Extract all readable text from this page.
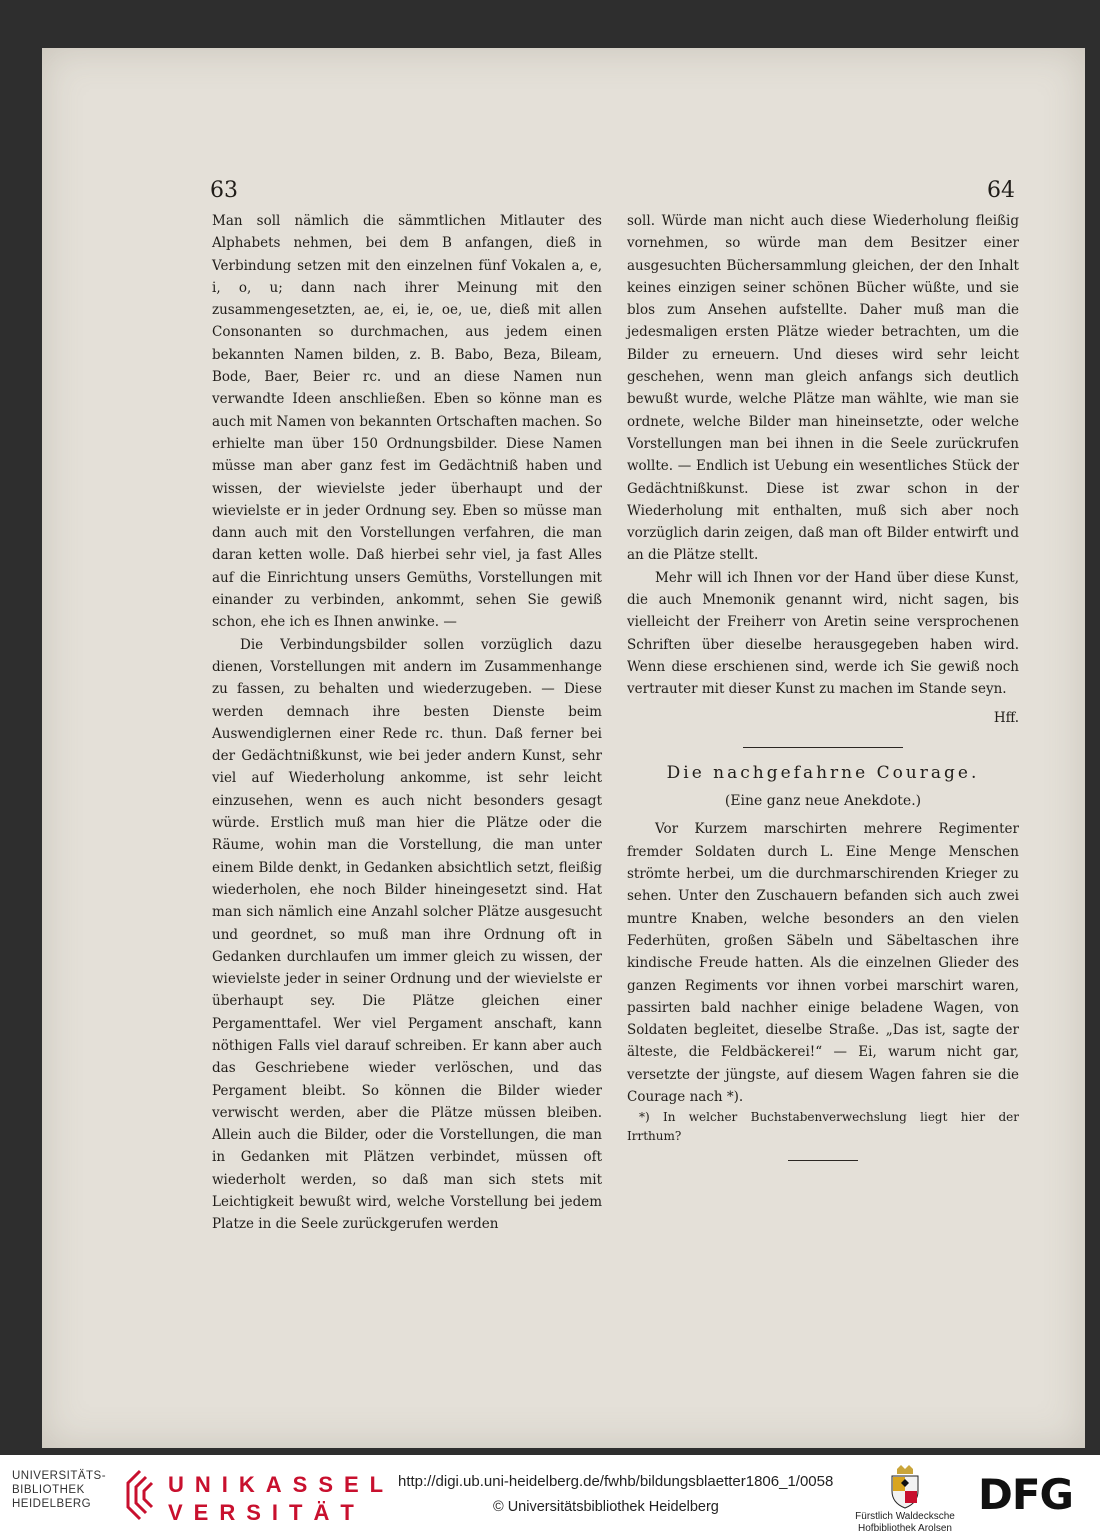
63	64

Man soll nämlich die sämmtlichen Mitlauter des Alphabets nehmen, bei dem B anfangen, dieß in Verbindung setzen mit den einzelnen fünf Vokalen a, e, i, o, u; dann nach ihrer Meinung mit den zusammengesetzten, ae, ei, ie, oe, ue, dieß mit allen Consonanten so durchmachen, aus jedem einen bekannten Namen bilden, z. B. Babo, Beza, Bileam, Bode, Baer, Beier rc. und an diese Namen nun verwandte Ideen anschließen. Eben so könne man es auch mit Namen von bekannten Ortschaften machen. So erhielte man über 150 Ordnungsbilder. Diese Namen müsse man aber ganz fest im Gedächtniß haben und wissen, der wievielste jeder überhaupt und der wievielste er in jeder Ordnung sey. Eben so müsse man dann auch mit den Vorstellungen verfahren, die man daran ketten wolle. Daß hierbei sehr viel, ja fast Alles auf die Einrichtung unsers Gemüths, Vorstellungen mit einander zu verbinden, ankommt, sehen Sie gewiß schon, ehe ich es Ihnen anwinke. —

Die Verbindungsbilder sollen vorzüglich dazu dienen, Vorstellungen mit andern im Zusammenhange zu fassen, zu behalten und wiederzugeben. — Diese werden demnach ihre besten Dienste beim Auswendiglernen einer Rede rc. thun. Daß ferner bei der Gedächtnißkunst, wie bei jeder andern Kunst, sehr viel auf Wiederholung ankomme, ist sehr leicht einzusehen, wenn es auch nicht besonders gesagt würde. Erstlich muß man hier die Plätze oder die Räume, wohin man die Vorstellung, die man unter einem Bilde denkt, in Gedanken absichtlich setzt, fleißig wiederholen, ehe noch Bilder hineingesetzt sind. Hat man sich nämlich eine Anzahl solcher Plätze ausgesucht und geordnet, so muß man ihre Ordnung oft in Gedanken durchlaufen um immer gleich zu wissen, der wievielste jeder in seiner Ordnung und der wievielste er überhaupt sey. Die Plätze gleichen einer Pergamenttafel. Wer viel Pergament anschaft, kann nöthigen Falls viel darauf schreiben. Er kann aber auch das Geschriebene wieder verlöschen, und das Pergament bleibt. So können die Bilder wieder verwischt werden, aber die Plätze müssen bleiben. Allein auch die Bilder, oder die Vorstellungen, die man in Gedanken mit Plätzen verbindet, müssen oft wiederholt werden, so daß man sich stets mit Leichtigkeit bewußt wird, welche Vorstellung bei jedem Platze in die Seele zurückgerufen werden

soll. Würde man nicht auch diese Wiederholung fleißig vornehmen, so würde man dem Besitzer einer ausgesuchten Büchersammlung gleichen, der den Inhalt keines einzigen seiner schönen Bücher wüßte, und sie blos zum Ansehen aufstellte. Daher muß man die jedesmaligen ersten Plätze wieder betrachten, um die Bilder zu erneuern. Und dieses wird sehr leicht geschehen, wenn man gleich anfangs sich deutlich bewußt wurde, welche Plätze man wählte, wie man sie ordnete, welche Bilder man hineinsetzte, oder welche Vorstellungen man bei ihnen in die Seele zurückrufen wollte. — Endlich ist Uebung ein wesentliches Stück der Gedächtnißkunst. Diese ist zwar schon in der Wiederholung mit enthalten, muß sich aber noch vorzüglich darin zeigen, daß man oft Bilder entwirft und an die Plätze stellt.

Mehr will ich Ihnen vor der Hand über diese Kunst, die auch Mnemonik genannt wird, nicht sagen, bis vielleicht der Freiherr von Aretin seine versprochenen Schriften über dieselbe herausgegeben haben wird. Wenn diese erschienen sind, werde ich Sie gewiß noch vertrauter mit dieser Kunst zu machen im Stande seyn.

Hff.
Die nachgefahrne Courage.
(Eine ganz neue Anekdote.)

Vor Kurzem marschirten mehrere Regimenter fremder Soldaten durch L. Eine Menge Menschen strömte herbei, um die durchmarschirenden Krieger zu sehen. Unter den Zuschauern befanden sich auch zwei muntre Knaben, welche besonders an den vielen Federhüten, großen Säbeln und Säbeltaschen ihre kindische Freude hatten. Als die einzelnen Glieder des ganzen Regiments vor ihnen vorbei marschirt waren, passirten bald nachher einige beladene Wagen, von Soldaten begleitet, dieselbe Straße. „Das ist, sagte der älteste, die Feldbäckerei!“ — Ei, warum nicht gar, versetzte der jüngste, auf diesem Wagen fahren sie die Courage nach *).

*) In welcher Buchstabenverwechslung liegt hier der Irrthum?

UNIVERSITÄTS-
BIBLIOTHEK
HEIDELBERG
UNIKASSEL
VERSITÄT
http://digi.ub.uni-heidelberg.de/fwhb/bildungsblaetter1806_1/0058
© Universitätsbibliothek Heidelberg
Fürstlich Waldecksche
Hofbibliothek Arolsen
DFG
